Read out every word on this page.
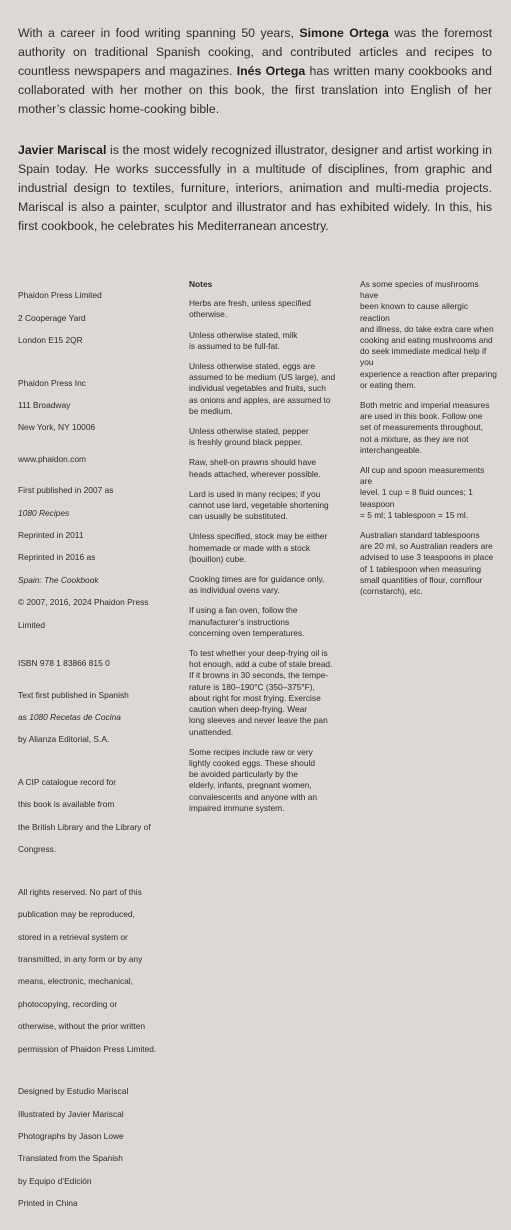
With a career in food writing spanning 50 years, Simone Ortega was the foremost authority on traditional Spanish cooking, and contributed articles and recipes to countless newspapers and magazines. Inés Ortega has written many cookbooks and collaborated with her mother on this book, the first translation into English of her mother’s classic home-cooking bible.
Javier Mariscal is the most widely recognized illustrator, designer and artist working in Spain today. He works successfully in a multitude of disciplines, from graphic and industrial design to textiles, furniture, interiors, animation and multi-media projects. Mariscal is also a painter, sculptor and illustrator and has exhibited widely. In this, his first cookbook, he celebrates his Mediterranean ancestry.

Phaidon Press Limited

2 Cooperage Yard

London E15 2QR

Phaidon Press Inc

111 Broadway

New York, NY 10006

www.phaidon.com

First published in 2007 as

1080 Recipes

Reprinted in 2011

Reprinted in 2016 as

Spain: The Cookbook

© 2007, 2016, 2024 Phaidon Press

Limited

ISBN 978 1 83866 815 0

Text first published in Spanish

as 1080 Recetas de Cocina

by Alianza Editorial, S.A.

A CIP catalogue record for

this book is available from

the British Library and the Library of

Congress.

All rights reserved. No part of this

publication may be reproduced,

stored in a retrieval system or

transmitted, in any form or by any

means, electronic, mechanical,

photocopying, recording or

otherwise, without the prior written

permission of Phaidon Press Limited.

Designed by Estudio Mariscal

Illustrated by Javier Mariscal

Photographs by Jason Lowe

Translated from the Spanish

by Equipo d’Edición

Printed in China

Notes
Herbs are fresh, unless specified
otherwise.
Unless otherwise stated, milk
is assumed to be full-fat.
Unless otherwise stated, eggs are
assumed to be medium (US large), and
individual vegetables and fruits, such
as onions and apples, are assumed to
be medium.
Unless otherwise stated, pepper
is freshly ground black pepper.
Raw, shell-on prawns should have
heads attached, wherever possible.
Lard is used in many recipes; if you
cannot use lard, vegetable shortening
can usually be substituted.
Unless specified, stock may be either
homemade or made with a stock
(bouillon) cube.
Cooking times are for guidance only,
as individual ovens vary.
If using a fan oven, follow the
manufacturer’s instructions
concerning oven temperatures.
To test whether your deep-frying oil is
hot enough, add a cube of stale bread.
If it browns in 30 seconds, the tempe-
rature is 180–190°C (350–375°F),
about right for most frying. Exercise
caution when deep-frying. Wear
long sleeves and never leave the pan
unattended.
Some recipes include raw or very
lightly cooked eggs. These should
be avoided particularly by the
elderly, infants, pregnant women,
convalescents and anyone with an
impaired immune system.
As some species of mushrooms have
been known to cause allergic reaction
and illness, do take extra care when
cooking and eating mushrooms and
do seek immediate medical help if you
experience a reaction after preparing
or eating them.
Both metric and imperial measures
are used in this book. Follow one
set of measurements throughout,
not a mixture, as they are not
interchangeable.
All cup and spoon measurements are
level. 1 cup = 8 fluid ounces; 1 teaspoon
= 5 ml; 1 tablespoon = 15 ml.
Australian standard tablespoons
are 20 ml, so Australian readers are
advised to use 3 teaspoons in place
of 1 tablespoon when measuring
small quantities of flour, cornflour
(cornstarch), etc.
